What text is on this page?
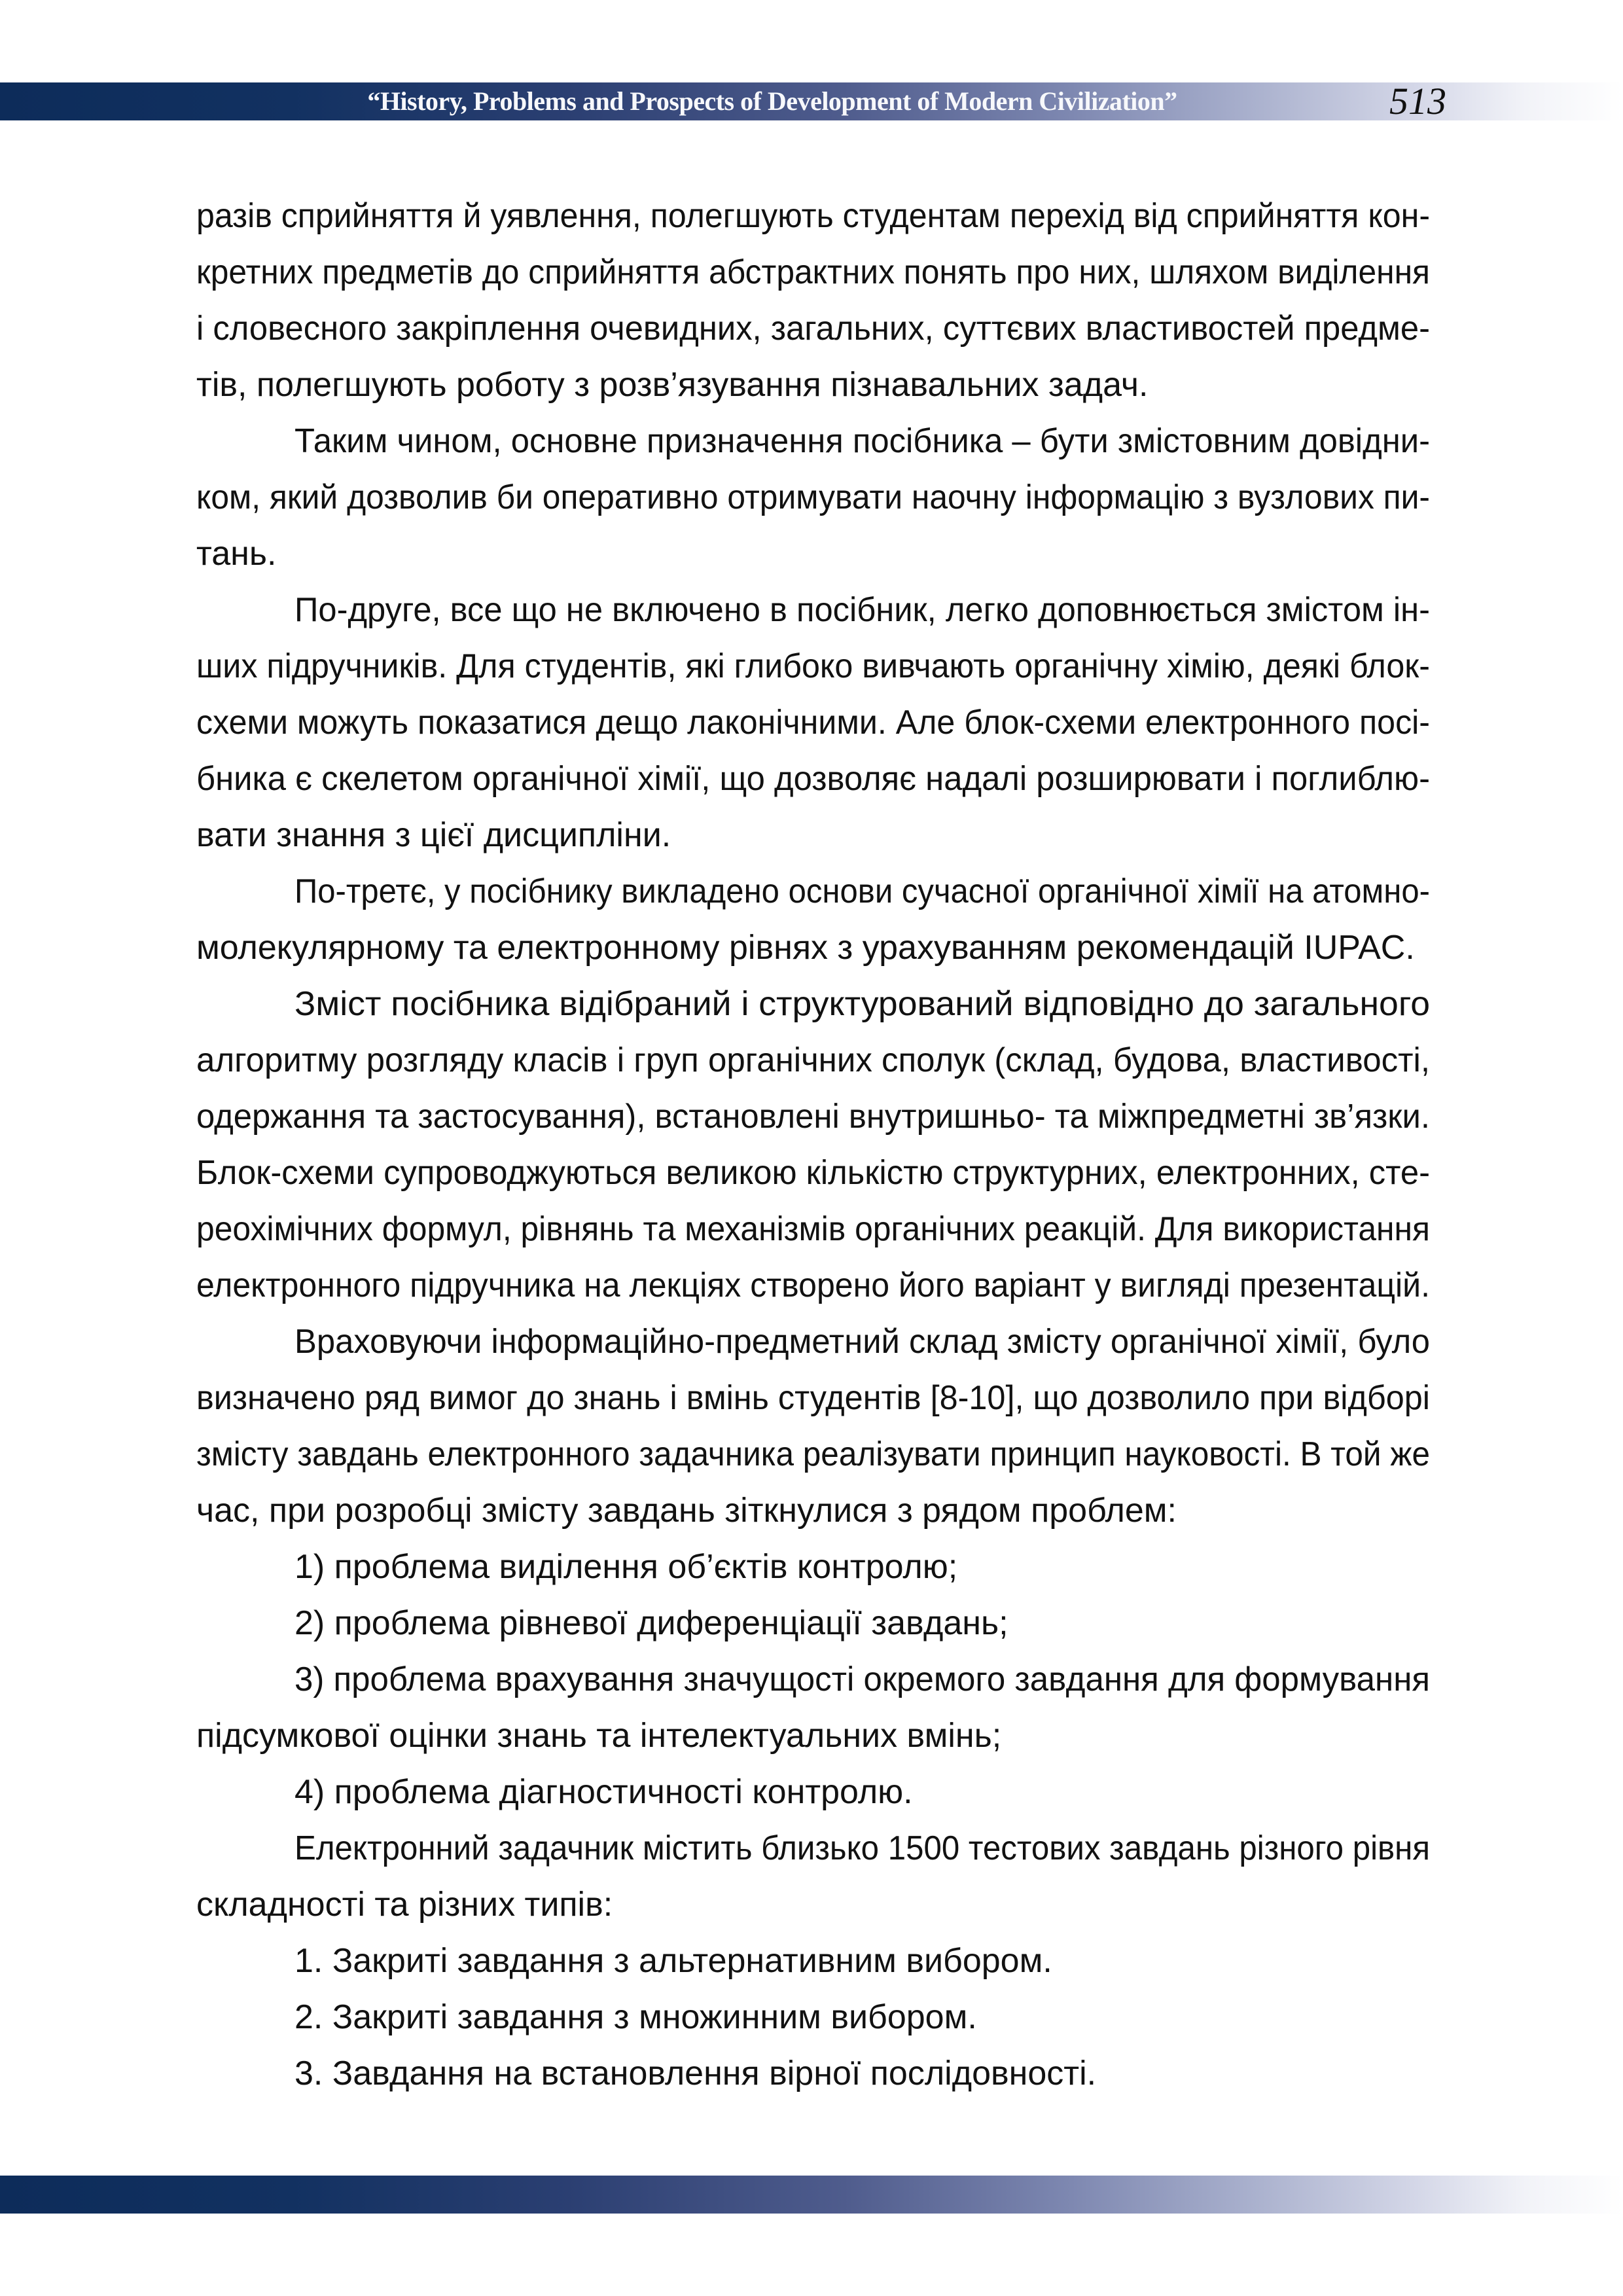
“History, Problems and Prospects of Development of Modern Civilization”	513
разів сприйняття й уявлення, полегшують студентам перехід від сприйняття кон-
кретних предметів до сприйняття абстрактних понять про них, шляхом виділення
і словесного закріплення очевидних, загальних, суттєвих властивостей предме-
тів, полегшують роботу з розв’язування пізнавальних задач.
Таким чином, основне призначення посібника – бути змістовним довідни-
ком, який дозволив би оперативно отримувати наочну інформацію з вузлових пи-
тань.
По-друге, все що не включено в посібник, легко доповнюється змістом ін-
ших підручників. Для студентів, які глибоко вивчають органічну хімію, деякі блок-
схеми можуть показатися дещо лаконічними. Але блок-схеми електронного посі-
бника є скелетом органічної хімії, що дозволяє надалі розширювати і поглиблю-
вати знання з цієї дисципліни.
По-третє, у посібнику викладено основи сучасної органічної хімії на атомно-
молекулярному та електронному рівнях з урахуванням рекомендацій IUPAC.
Зміст посібника відібраний і структурований відповідно до загального
алгоритму розгляду класів і груп органічних сполук (склад, будова, властивості,
одержання та застосування), встановлені внутришньо- та міжпредметні зв’язки.
Блок-схеми супроводжуються великою кількістю структурних, електронних, сте-
реохімічних формул, рівнянь та механізмів органічних реакцій. Для використання
електронного підручника на лекціях створено його варіант у вигляді презентацій.
Враховуючи інформаційно-предметний склад змісту органічної хімії, було
визначено ряд вимог до знань і вмінь студентів [8-10], що дозволило при відборі
змісту завдань електронного задачника реалізувати принцип науковості. В той же
час, при розробці змісту завдань зіткнулися з рядом проблем:
1) проблема виділення об’єктів контролю;
2) проблема рівневої диференціації завдань;
3) проблема врахування значущості окремого завдання для формування
підсумкової оцінки знань та інтелектуальних вмінь;
4) проблема діагностичності контролю.
Електронний задачник містить близько 1500 тестових завдань різного рівня
складності та різних типів:
1. Закриті завдання з альтернативним вибором.
2. Закриті завдання з множинним вибором.
3. Завдання на встановлення вірної послідовності.
